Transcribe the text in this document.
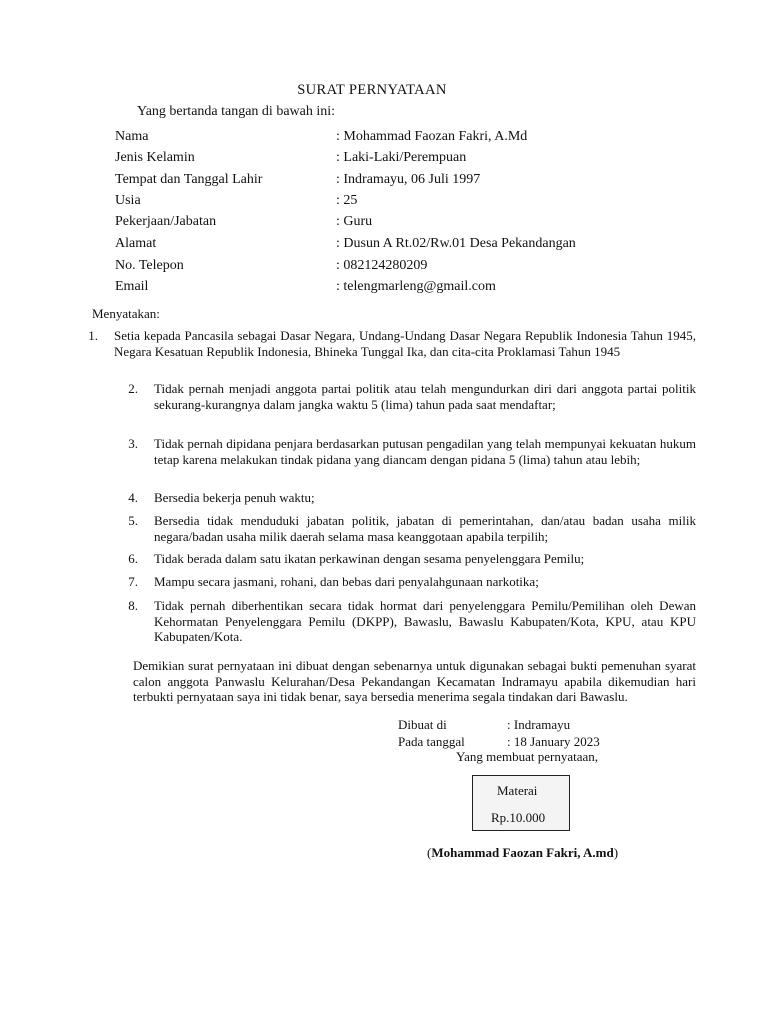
SURAT PERNYATAAN
Yang bertanda tangan di bawah ini:
Nama	: Mohammad Faozan Fakri, A.Md
Jenis Kelamin	: Laki-Laki/Perempuan
Tempat dan Tanggal Lahir	: Indramayu, 06 Juli 1997
Usia	: 25
Pekerjaan/Jabatan	: Guru
Alamat	: Dusun A Rt.02/Rw.01 Desa Pekandangan
No. Telepon	: 082124280209
Email	: telengmarleng@gmail.com
Menyatakan:
1. Setia kepada Pancasila sebagai Dasar Negara, Undang-Undang Dasar Negara Republik Indonesia Tahun 1945, Negara Kesatuan Republik Indonesia, Bhineka Tunggal Ika, dan cita-cita Proklamasi Tahun 1945
2. Tidak pernah menjadi anggota partai politik atau telah mengundurkan diri dari anggota partai politik sekurang-kurangnya dalam jangka waktu 5 (lima) tahun pada saat mendaftar;
3. Tidak pernah dipidana penjara berdasarkan putusan pengadilan yang telah mempunyai kekuatan hukum tetap karena melakukan tindak pidana yang diancam dengan pidana 5 (lima) tahun atau lebih;
4. Bersedia bekerja penuh waktu;
5. Bersedia tidak menduduki jabatan politik, jabatan di pemerintahan, dan/atau badan usaha milik negara/badan usaha milik daerah selama masa keanggotaan apabila terpilih;
6. Tidak berada dalam satu ikatan perkawinan dengan sesama penyelenggara Pemilu;
7. Mampu secara jasmani, rohani, dan bebas dari penyalahgunaan narkotika;
8. Tidak pernah diberhentikan secara tidak hormat dari penyelenggara Pemilu/Pemilihan oleh Dewan Kehormatan Penyelenggara Pemilu (DKPP), Bawaslu, Bawaslu Kabupaten/Kota, KPU, atau KPU Kabupaten/Kota.
Demikian surat pernyataan ini dibuat dengan sebenarnya untuk digunakan sebagai bukti pemenuhan syarat calon anggota Panwaslu Kelurahan/Desa Pekandangan Kecamatan Indramayu apabila dikemudian hari terbukti pernyataan saya ini tidak benar, saya bersedia menerima segala tindakan dari Bawaslu.
Dibuat di	: Indramayu
Pada tanggal	: 18 January 2023
Yang membuat pernyataan,
Materai
Rp.10.000
(Mohammad Faozan Fakri, A.md)
